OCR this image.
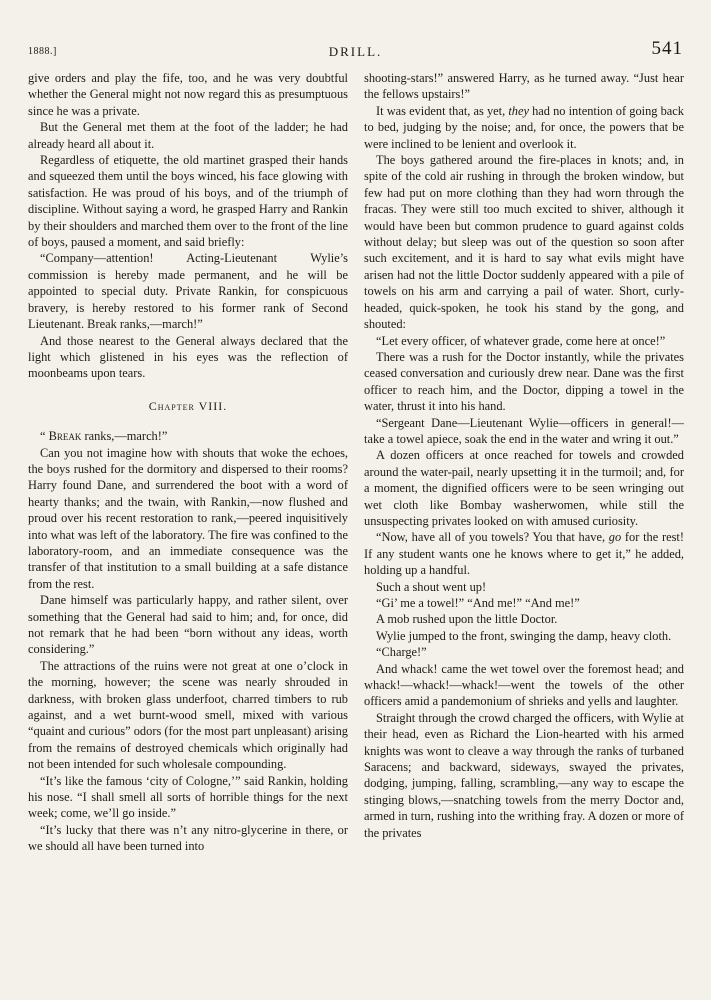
1888.]	DRILL.	541

give orders and play the fife, too, and he was very doubtful whether the General might not now regard this as presumptuous since he was a private.

But the General met them at the foot of the ladder; he had already heard all about it.

Regardless of etiquette, the old martinet grasped their hands and squeezed them until the boys winced, his face glowing with satisfaction. He was proud of his boys, and of the triumph of discipline. Without saying a word, he grasped Harry and Rankin by their shoulders and marched them over to the front of the line of boys, paused a moment, and said briefly:

“Company—attention! Acting-Lieutenant Wylie’s commission is hereby made permanent, and he will be appointed to special duty. Private Rankin, for conspicuous bravery, is hereby restored to his former rank of Second Lieutenant. Break ranks,—march!”

And those nearest to the General always declared that the light which glistened in his eyes was the reflection of moonbeams upon tears.

Chapter VIII.

“ Break ranks,—march!”

Can you not imagine how with shouts that woke the echoes, the boys rushed for the dormitory and dispersed to their rooms? Harry found Dane, and surrendered the boot with a word of hearty thanks; and the twain, with Rankin,—now flushed and proud over his recent restoration to rank,—peered inquisitively into what was left of the laboratory. The fire was confined to the laboratory-room, and an immediate consequence was the transfer of that institution to a small building at a safe distance from the rest.

Dane himself was particularly happy, and rather silent, over something that the General had said to him; and, for once, did not remark that he had been “born without any ideas, worth considering.”

The attractions of the ruins were not great at one o’clock in the morning, however; the scene was nearly shrouded in darkness, with broken glass underfoot, charred timbers to rub against, and a wet burnt-wood smell, mixed with various “quaint and curious” odors (for the most part unpleasant) arising from the remains of destroyed chemicals which originally had not been intended for such wholesale compounding.

“It’s like the famous ‘city of Cologne,’” said Rankin, holding his nose. “I shall smell all sorts of horrible things for the next week; come, we’ll go inside.”

“It’s lucky that there was n’t any nitro-glycerine in there, or we should all have been turned into

shooting-stars!” answered Harry, as he turned away. “Just hear the fellows upstairs!”

It was evident that, as yet, they had no intention of going back to bed, judging by the noise; and, for once, the powers that be were inclined to be lenient and overlook it.

The boys gathered around the fire-places in knots; and, in spite of the cold air rushing in through the broken window, but few had put on more clothing than they had worn through the fracas. They were still too much excited to shiver, although it would have been but common prudence to guard against colds without delay; but sleep was out of the question so soon after such excitement, and it is hard to say what evils might have arisen had not the little Doctor suddenly appeared with a pile of towels on his arm and carrying a pail of water. Short, curly-headed, quick-spoken, he took his stand by the gong, and shouted:

“Let every officer, of whatever grade, come here at once!”

There was a rush for the Doctor instantly, while the privates ceased conversation and curiously drew near. Dane was the first officer to reach him, and the Doctor, dipping a towel in the water, thrust it into his hand.

“Sergeant Dane—Lieutenant Wylie—officers in general!—take a towel apiece, soak the end in the water and wring it out.”

A dozen officers at once reached for towels and crowded around the water-pail, nearly upsetting it in the turmoil; and, for a moment, the dignified officers were to be seen wringing out wet cloth like Bombay washerwomen, while still the unsuspecting privates looked on with amused curiosity.

“Now, have all of you towels? You that have, go for the rest! If any student wants one he knows where to get it,” he added, holding up a handful.

Such a shout went up!

“Gi’ me a towel!” “And me!” “And me!”

A mob rushed upon the little Doctor.

Wylie jumped to the front, swinging the damp, heavy cloth.

“Charge!”

And whack! came the wet towel over the foremost head; and whack!—whack!—whack!—went the towels of the other officers amid a pandemonium of shrieks and yells and laughter.

Straight through the crowd charged the officers, with Wylie at their head, even as Richard the Lion-hearted with his armed knights was wont to cleave a way through the ranks of turbaned Saracens; and backward, sideways, swayed the privates, dodging, jumping, falling, scrambling,—any way to escape the stinging blows,—snatching towels from the merry Doctor and, armed in turn, rushing into the writhing fray. A dozen or more of the privates
